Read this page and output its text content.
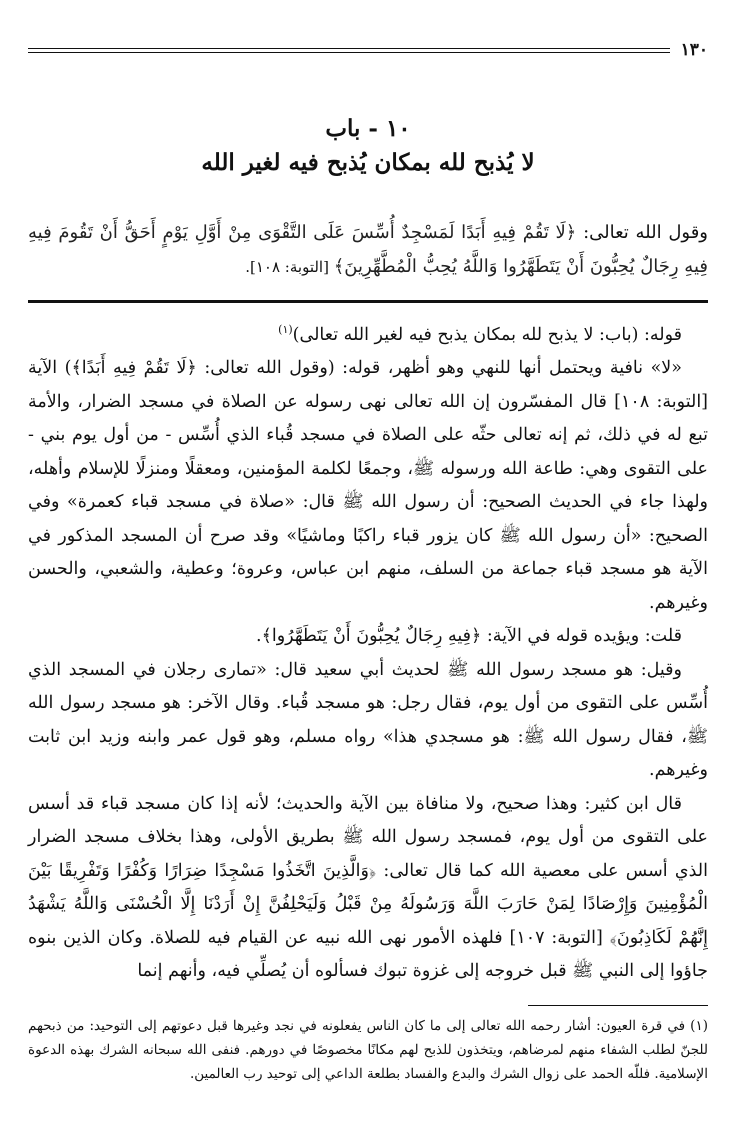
١٣٠
١٠ - باب
لا يُذبح لله بمكان يُذبح فيه لغير الله
وقول الله تعالى: ﴿لَا تَقُمْ فِيهِ أَبَدًا لَمَسْجِدٌ أُسِّسَ عَلَى التَّقْوَى مِنْ أَوَّلِ يَوْمٍ أَحَقُّ أَنْ تَقُومَ فِيهِ فِيهِ رِجَالٌ يُحِبُّونَ أَنْ يَتَطَهَّرُوا وَاللَّهُ يُحِبُّ الْمُطَّهِّرِينَ﴾ [التوبة: ١٠٨].

قوله: (باب: لا يذبح لله بمكان يذبح فيه لغير الله تعالى)$^{(١)}$

«لا» نافية ويحتمل أنها للنهي وهو أظهر، قوله: (وقول الله تعالى: ﴿لَا تَقُمْ فِيهِ أَبَدًا﴾) الآية [التوبة: ١٠٨] قال المفسّرون إن الله تعالى نهى رسوله عن الصلاة في مسجد الضرار، والأمة تبع له في ذلك، ثم إنه تعالى حثّه على الصلاة في مسجد قُباء الذي أُسِّس - من أول يوم بني - على التقوى وهي: طاعة الله ورسوله ﷺ، وجمعًا لكلمة المؤمنين، ومعقلًا ومنزلًا للإسلام وأهله، ولهذا جاء في الحديث الصحيح: أن رسول الله ﷺ قال: «صلاة في مسجد قباء كعمرة» وفي الصحيح: «أن رسول الله ﷺ كان يزور قباء راكبًا وماشيًا» وقد صرح أن المسجد المذكور في الآية هو مسجد قباء جماعة من السلف، منهم ابن عباس، وعروة؛ وعطية، والشعبي، والحسن وغيرهم.

قلت: ويؤيده قوله في الآية: ﴿فِيهِ رِجَالٌ يُحِبُّونَ أَنْ يَتَطَهَّرُوا﴾.

وقيل: هو مسجد رسول الله ﷺ لحديث أبي سعيد قال: «تمارى رجلان في المسجد الذي أُسِّس على التقوى من أول يوم، فقال رجل: هو مسجد قُباء. وقال الآخر: هو مسجد رسول الله ﷺ، فقال رسول الله ﷺ: هو مسجدي هذا» رواه مسلم، وهو قول عمر وابنه وزيد ابن ثابت وغيرهم.

قال ابن كثير: وهذا صحيح، ولا منافاة بين الآية والحديث؛ لأنه إذا كان مسجد قباء قد أسس على التقوى من أول يوم، فمسجد رسول الله ﷺ بطريق الأولى، وهذا بخلاف مسجد الضرار الذي أسس على معصية الله كما قال تعالى: ﴿وَالَّذِينَ اتَّخَذُوا مَسْجِدًا ضِرَارًا وَكُفْرًا وَتَفْرِيقًا بَيْنَ الْمُؤْمِنِينَ وَإِرْصَادًا لِمَنْ حَارَبَ اللَّهَ وَرَسُولَهُ مِنْ قَبْلُ وَلَيَحْلِفُنَّ إِنْ أَرَدْنَا إِلَّا الْحُسْنَى وَاللَّهُ يَشْهَدُ إِنَّهُمْ لَكَاذِبُونَ﴾ [التوبة: ١٠٧] فلهذه الأمور نهى الله نبيه عن القيام فيه للصلاة. وكان الذين بنوه جاؤوا إلى النبي ﷺ قبل خروجه إلى غزوة تبوك فسألوه أن يُصلِّي فيه، وأنهم إنما

(١) في قرة العيون: أشار رحمه الله تعالى إلى ما كان الناس يفعلونه في نجد وغيرها قبل دعوتهم إلى التوحيد: من ذبحهم للجنّ لطلب الشفاء منهم لمرضاهم، ويتخذون للذبح لهم مكانًا مخصوصًا في دورهم. فنفى الله سبحانه الشرك بهذه الدعوة الإسلامية. فللّه الحمد على زوال الشرك والبدع والفساد بطلعة الداعي إلى توحيد رب العالمين.
